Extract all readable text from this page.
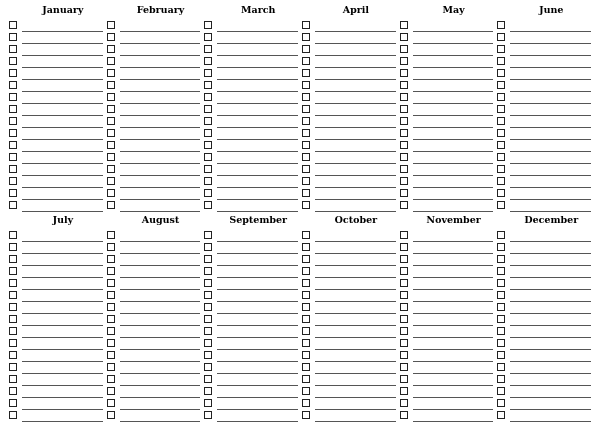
January	February	March	April	May	June
July	August	September	October	November	December
